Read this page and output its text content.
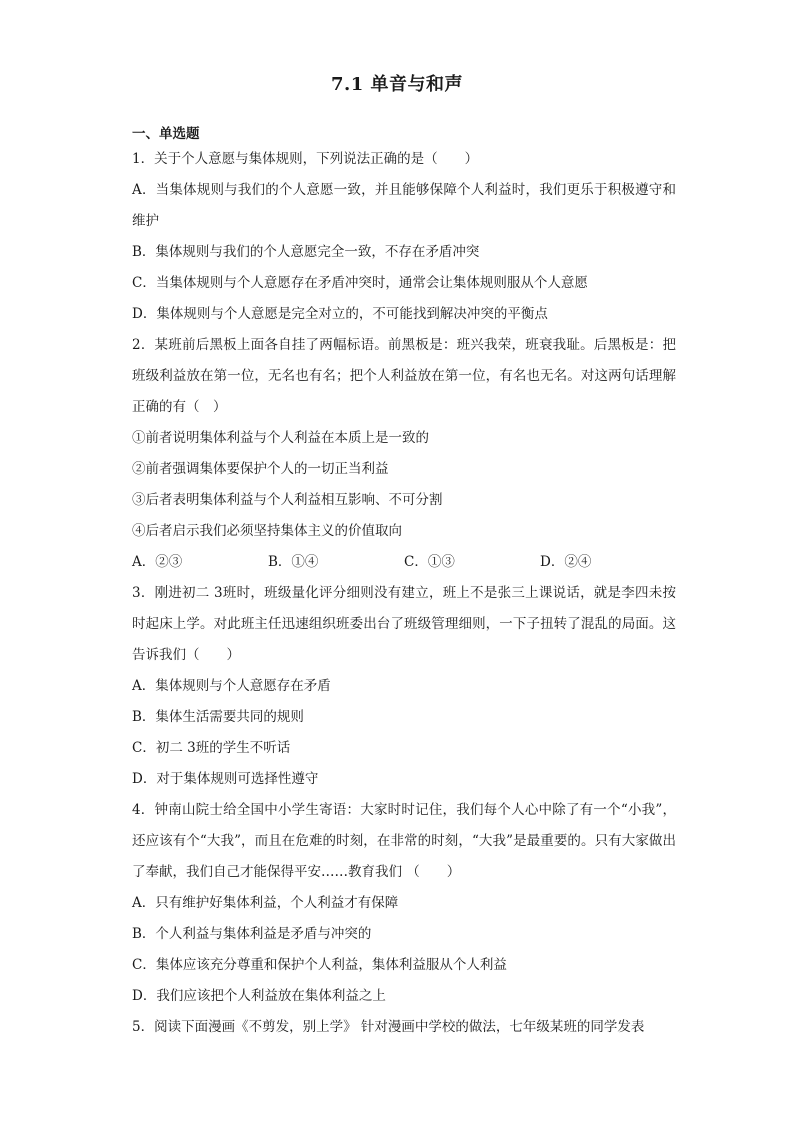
7.1 单音与和声
一、单选题
1．关于个人意愿与集体规则，下列说法正确的是（　　）
A．当集体规则与我们的个人意愿一致，并且能够保障个人利益时，我们更乐于积极遵守和维护
B．集体规则与我们的个人意愿完全一致，不存在矛盾冲突
C．当集体规则与个人意愿存在矛盾冲突时，通常会让集体规则服从个人意愿
D．集体规则与个人意愿是完全对立的，不可能找到解决冲突的平衡点
2．某班前后黑板上面各自挂了两幅标语。前黑板是：班兴我荣，班衰我耻。后黑板是：把班级利益放在第一位，无名也有名；把个人利益放在第一位，有名也无名。对这两句话理解正确的有（　）
①前者说明集体利益与个人利益在本质上是一致的
②前者强调集体要保护个人的一切正当利益
③后者表明集体利益与个人利益相互影响、不可分割
④后者启示我们必须坚持集体主义的价值取向
A．②③	B．①④	C．①③	D．②④
3．刚进初二 3班时，班级量化评分细则没有建立，班上不是张三上课说话，就是李四未按时起床上学。对此班主任迅速组织班委出台了班级管理细则，一下子扭转了混乱的局面。这告诉我们（　　）
A．集体规则与个人意愿存在矛盾
B．集体生活需要共同的规则
C．初二 3班的学生不听话
D．对于集体规则可选择性遵守
4．钟南山院士给全国中小学生寄语：大家时时记住，我们每个人心中除了有一个“小我”，还应该有个“大我”，而且在危难的时刻，在非常的时刻，“大我”是最重要的。只有大家做出了奉献，我们自己才能保得平安……教育我们 （　　）
A．只有维护好集体利益，个人利益才有保障
B．个人利益与集体利益是矛盾与冲突的
C．集体应该充分尊重和保护个人利益，集体利益服从个人利益
D．我们应该把个人利益放在集体利益之上
5．阅读下面漫画《不剪发，别上学》 针对漫画中学校的做法，七年级某班的同学发表
